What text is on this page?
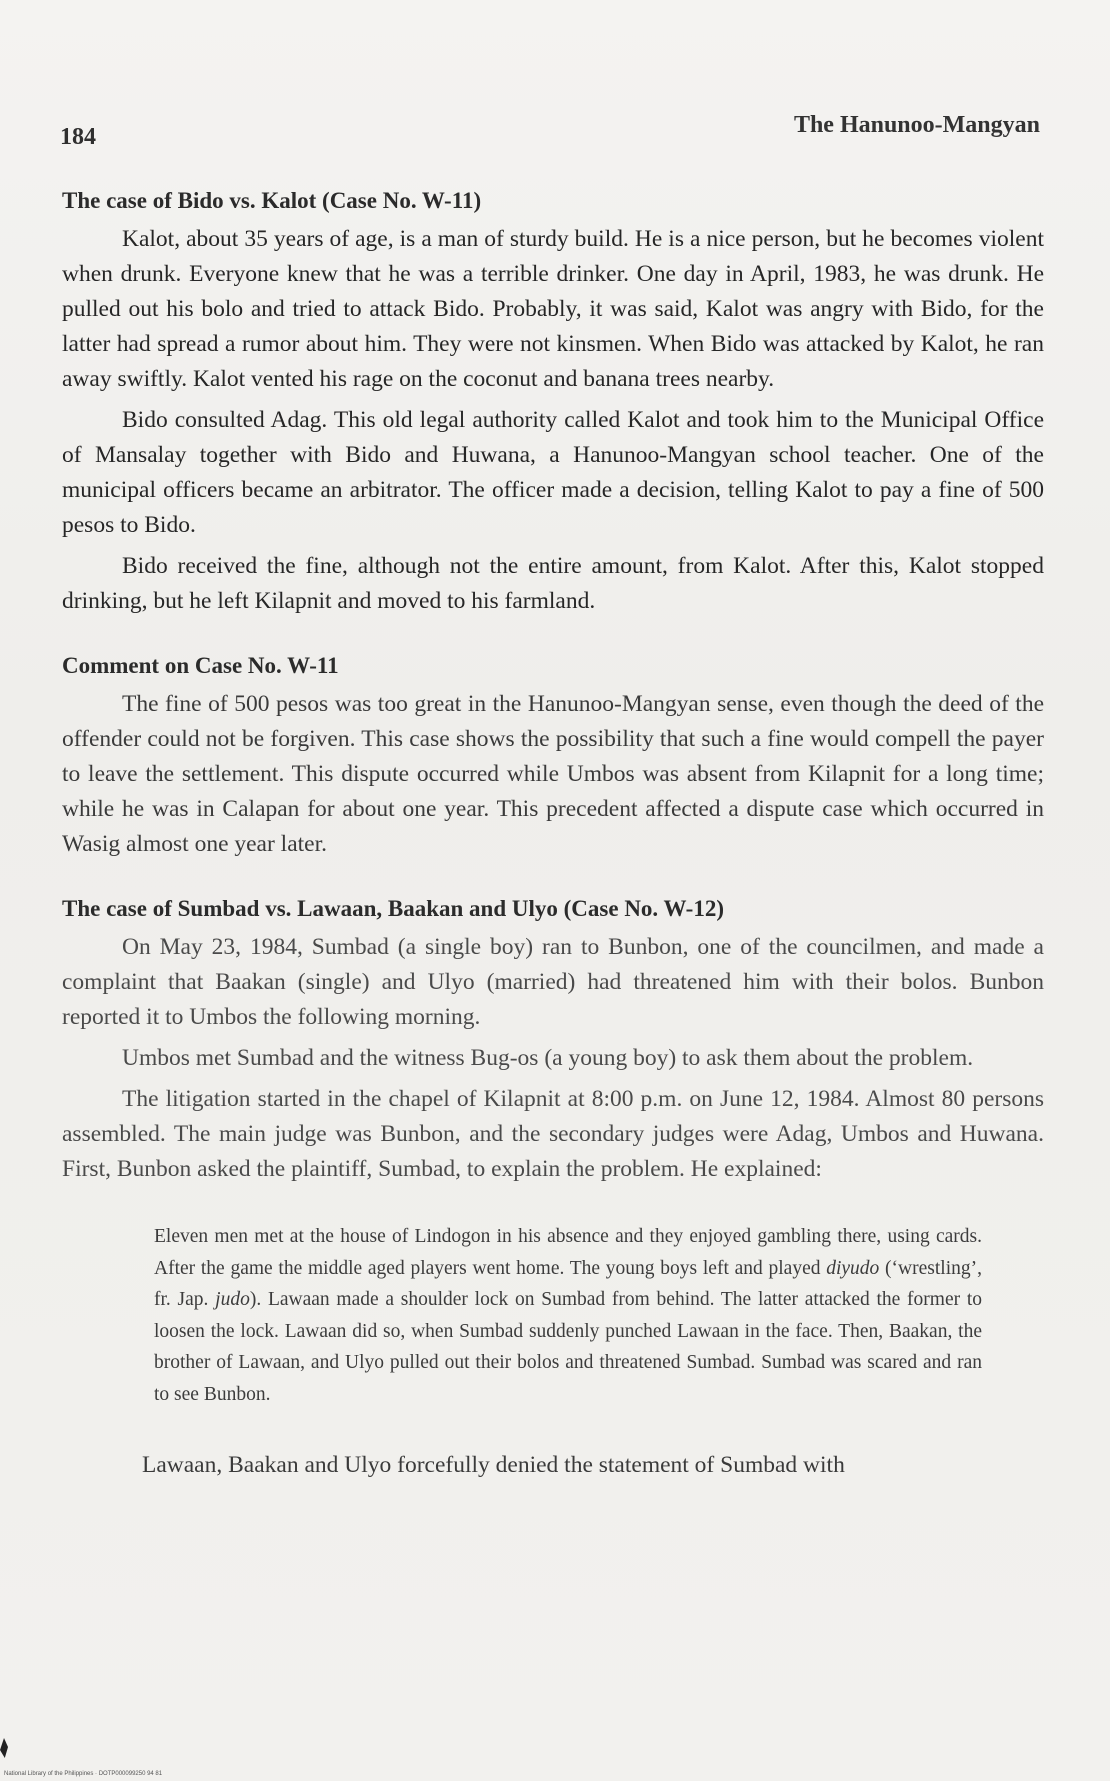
184	The Hanunoo-Mangyan
The case of Bido vs. Kalot (Case No. W-11)

Kalot, about 35 years of age, is a man of sturdy build. He is a nice person, but he becomes violent when drunk. Everyone knew that he was a terrible drinker. One day in April, 1983, he was drunk. He pulled out his bolo and tried to attack Bido. Probably, it was said, Kalot was angry with Bido, for the latter had spread a rumor about him. They were not kinsmen. When Bido was attacked by Kalot, he ran away swiftly. Kalot vented his rage on the coconut and banana trees nearby.

Bido consulted Adag. This old legal authority called Kalot and took him to the Municipal Office of Mansalay together with Bido and Huwana, a Hanunoo-Mangyan school teacher. One of the municipal officers became an arbitrator. The officer made a decision, telling Kalot to pay a fine of 500 pesos to Bido.

Bido received the fine, although not the entire amount, from Kalot. After this, Kalot stopped drinking, but he left Kilapnit and moved to his farmland.

Comment on Case No. W-11

The fine of 500 pesos was too great in the Hanunoo-Mangyan sense, even though the deed of the offender could not be forgiven. This case shows the possibility that such a fine would compell the payer to leave the settlement. This dispute occurred while Umbos was absent from Kilapnit for a long time; while he was in Calapan for about one year. This precedent affected a dispute case which occurred in Wasig almost one year later.

The case of Sumbad vs. Lawaan, Baakan and Ulyo (Case No. W-12)

On May 23, 1984, Sumbad (a single boy) ran to Bunbon, one of the councilmen, and made a complaint that Baakan (single) and Ulyo (married) had threatened him with their bolos. Bunbon reported it to Umbos the following morning.

Umbos met Sumbad and the witness Bug-os (a young boy) to ask them about the problem.

The litigation started in the chapel of Kilapnit at 8:00 p.m. on June 12, 1984. Almost 80 persons assembled. The main judge was Bunbon, and the secondary judges were Adag, Umbos and Huwana. First, Bunbon asked the plaintiff, Sumbad, to explain the problem. He explained:

Eleven men met at the house of Lindogon in his absence and they enjoyed gambling there, using cards. After the game the middle aged players went home. The young boys left and played diyudo (‘wrestling’, fr. Jap. judo). Lawaan made a shoulder lock on Sumbad from behind. The latter attacked the former to loosen the lock. Lawaan did so, when Sumbad suddenly punched Lawaan in the face. Then, Baakan, the brother of Lawaan, and Ulyo pulled out their bolos and threatened Sumbad. Sumbad was scared and ran to see Bunbon.

Lawaan, Baakan and Ulyo forcefully denied the statement of Sumbad with

National Library of the Philippines · DOTP000099250 94 81
